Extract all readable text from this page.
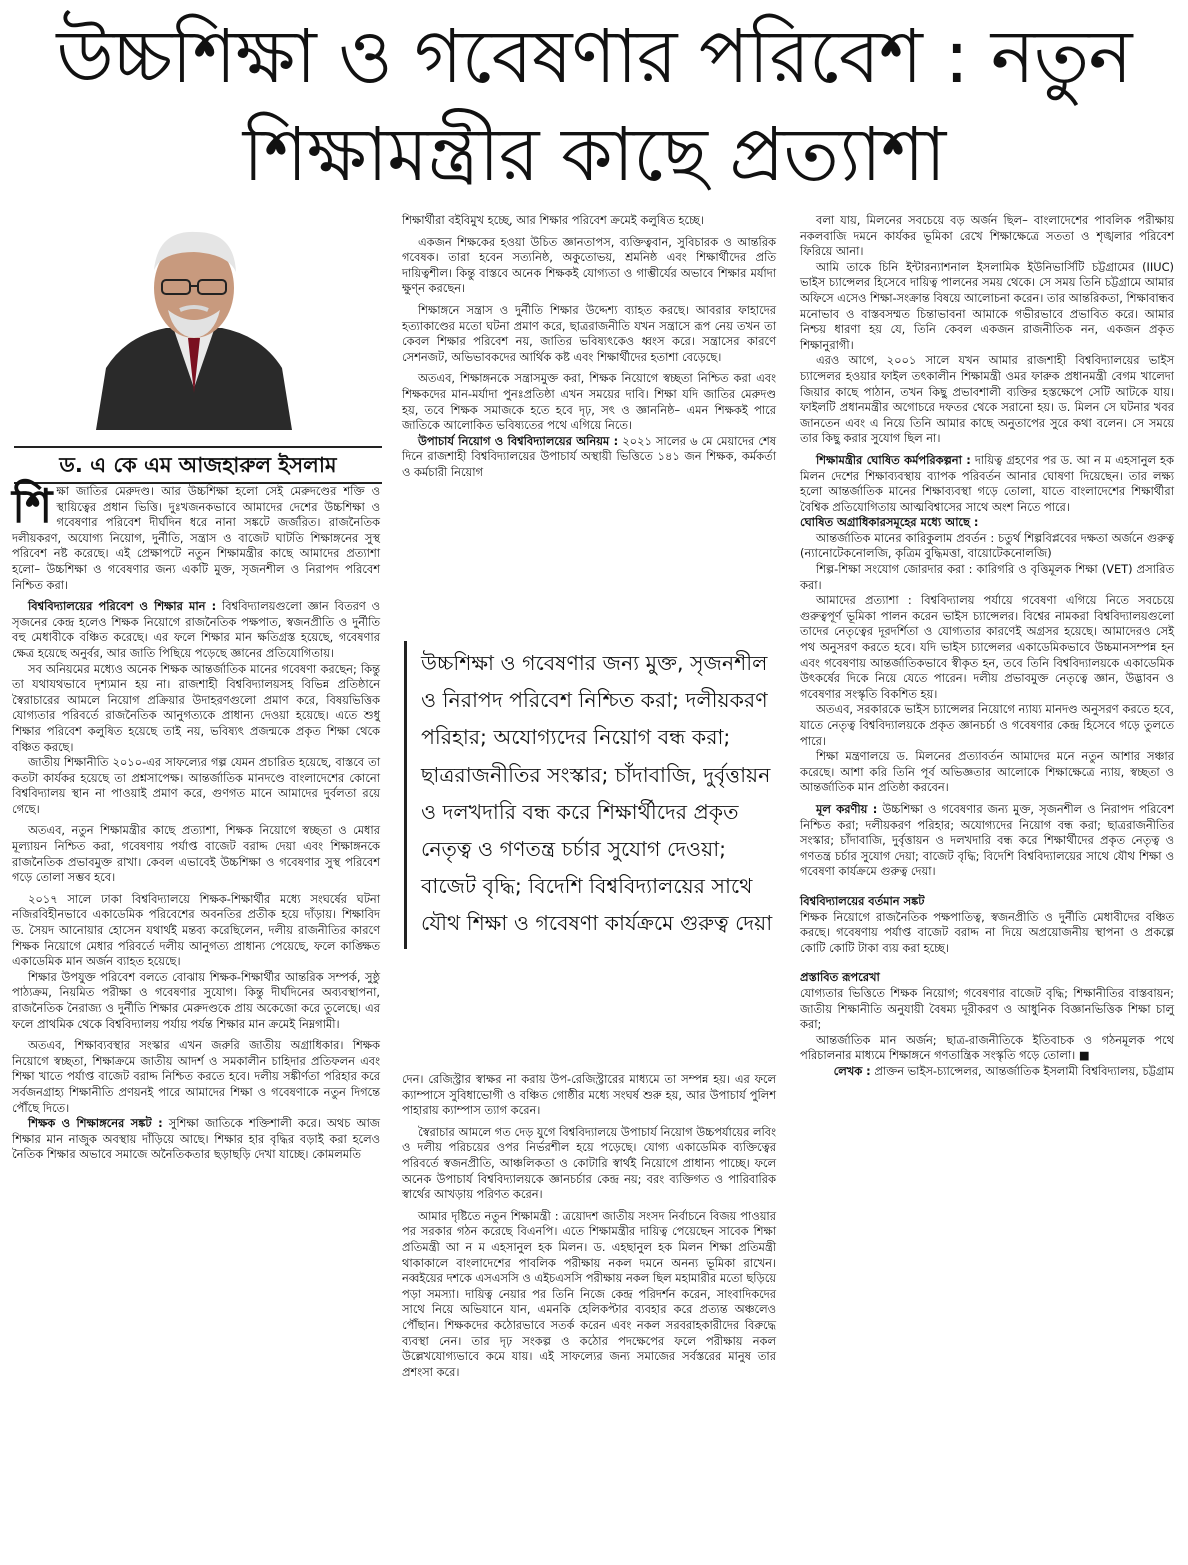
উচ্চশিক্ষা ও গবেষণার পরিবেশ : নতুন শিক্ষামন্ত্রীর কাছে প্রত্যাশা
ড. এ কে এম আজহারুল ইসলাম

শিক্ষা জাতির মেরুদণ্ড। আর উচ্চশিক্ষা হলো সেই মেরুদণ্ডের শক্তি ও স্থায়িত্বের প্রধান ভিত্তি। দুঃখজনকভাবে আমাদের দেশের উচ্চশিক্ষা ও গবেষণার পরিবেশ দীর্ঘদিন ধরে নানা সঙ্কটে জর্জরিত। রাজনৈতিক দলীয়করণ, অযোগ্য নিয়োগ, দুর্নীতি, সন্ত্রাস ও বাজেট ঘাটতি শিক্ষাঙ্গনের সুস্থ পরিবেশ নষ্ট করেছে। এই প্রেক্ষাপটে নতুন শিক্ষামন্ত্রীর কাছে আমাদের প্রত্যাশা হলো– উচ্চশিক্ষা ও গবেষণার জন্য একটি মুক্ত, সৃজনশীল ও নিরাপদ পরিবেশ নিশ্চিত করা।

বিশ্ববিদ্যালয়ের পরিবেশ ও শিক্ষার মান : বিশ্ববিদ্যালয়গুলো জ্ঞান বিতরণ ও সৃজনের কেন্দ্র হলেও শিক্ষক নিয়োগে রাজনৈতিক পক্ষপাত, স্বজনপ্রীতি ও দুর্নীতি বহু মেধাবীকে বঞ্চিত করেছে। এর ফলে শিক্ষার মান ক্ষতিগ্রস্ত হয়েছে, গবেষণার ক্ষেত্র হয়েছে অনুর্বর, আর জাতি পিছিয়ে পড়েছে জ্ঞানের প্রতিযোগিতায়।

সব অনিয়মের মধ্যেও অনেক শিক্ষক আন্তর্জাতিক মানের গবেষণা করছেন; কিন্তু তা যথাযথভাবে দৃশ্যমান হয় না। রাজশাহী বিশ্ববিদ্যালয়সহ বিভিন্ন প্রতিষ্ঠানে স্বৈরাচারের আমলে নিয়োগ প্রক্রিয়ার উদাহরণগুলো প্রমাণ করে, বিষয়ভিত্তিক যোগ্যতার পরিবর্তে রাজনৈতিক আনুগত্যকে প্রাধান্য দেওয়া হয়েছে। এতে শুধু শিক্ষার পরিবেশ কলুষিত হয়েছে তাই নয়, ভবিষ্যৎ প্রজন্মকে প্রকৃত শিক্ষা থেকে বঞ্চিত করছে।

জাতীয় শিক্ষানীতি ২০১০-এর সাফল্যের গল্প যেমন প্রচারিত হয়েছে, বাস্তবে তা কতটা কার্যকর হয়েছে তা প্রশ্নসাপেক্ষ। আন্তর্জাতিক মানদণ্ডে বাংলাদেশের কোনো বিশ্ববিদ্যালয় স্থান না পাওয়াই প্রমাণ করে, গুণগত মানে আমাদের দুর্বলতা রয়ে গেছে।

অতএব, নতুন শিক্ষামন্ত্রীর কাছে প্রত্যাশা, শিক্ষক নিয়োগে স্বচ্ছতা ও মেধার মূল্যায়ন নিশ্চিত করা, গবেষণায় পর্যাপ্ত বাজেট বরাদ্দ দেয়া এবং শিক্ষাঙ্গনকে রাজনৈতিক প্রভাবমুক্ত রাখা। কেবল এভাবেই উচ্চশিক্ষা ও গবেষণার সুস্থ পরিবেশ গড়ে তোলা সম্ভব হবে।

২০১৭ সালে ঢাকা বিশ্ববিদ্যালয়ে শিক্ষক-শিক্ষার্থীর মধ্যে সংঘর্ষের ঘটনা নজিরবিহীনভাবে একাডেমিক পরিবেশের অবনতির প্রতীক হয়ে দাঁড়ায়। শিক্ষাবিদ ড. সৈয়দ আনোয়ার হোসেন যথার্থই মন্তব্য করেছিলেন, দলীয় রাজনীতির কারণে শিক্ষক নিয়োগে মেধার পরিবর্তে দলীয় আনুগত্য প্রাধান্য পেয়েছে, ফলে কাঙ্ক্ষিত একাডেমিক মান অর্জন ব্যাহত হয়েছে।

শিক্ষার উপযুক্ত পরিবেশ বলতে বোঝায় শিক্ষক-শিক্ষার্থীর আন্তরিক সম্পর্ক, সুষ্ঠু পাঠ্যক্রম, নিয়মিত পরীক্ষা ও গবেষণার সুযোগ। কিন্তু দীর্ঘদিনের অব্যবস্থাপনা, রাজনৈতিক নৈরাজ্য ও দুর্নীতি শিক্ষার মেরুদণ্ডকে প্রায় অকেজো করে তুলেছে। এর ফলে প্রাথমিক থেকে বিশ্ববিদ্যালয় পর্যায় পর্যন্ত শিক্ষার মান ক্রমেই নিম্নগামী।

অতএব, শিক্ষাব্যবস্থার সংস্কার এখন জরুরি জাতীয় অগ্রাধিকার। শিক্ষক নিয়োগে স্বচ্ছতা, শিক্ষাক্রমে জাতীয় আদর্শ ও সমকালীন চাহিদার প্রতিফলন এবং শিক্ষা খাতে পর্যাপ্ত বাজেট বরাদ্দ নিশ্চিত করতে হবে। দলীয় সঙ্কীর্ণতা পরিহার করে সর্বজনগ্রাহ্য শিক্ষানীতি প্রণয়নই পারে আমাদের শিক্ষা ও গবেষণাকে নতুন দিগন্তে পৌঁছে দিতে।

শিক্ষক ও শিক্ষাঙ্গনের সঙ্কট : সুশিক্ষা জাতিকে শক্তিশালী করে। অথচ আজ শিক্ষার মান নাজুক অবস্থায় দাঁড়িয়ে আছে। শিক্ষার হার বৃদ্ধির বড়াই করা হলেও নৈতিক শিক্ষার অভাবে সমাজে অনৈতিকতার ছড়াছড়ি দেখা যাচ্ছে। কোমলমতি

শিক্ষার্থীরা বইবিমুখ হচ্ছে, আর শিক্ষার পরিবেশ ক্রমেই কলুষিত হচ্ছে।

একজন শিক্ষকের হওয়া উচিত জ্ঞানতাপস, ব্যক্তিত্ববান, সুবিচারক ও আন্তরিক গবেষক। তারা হবেন সত্যনিষ্ঠ, অকুতোভয়, শ্রমনিষ্ঠ এবং শিক্ষার্থীদের প্রতি দায়িত্বশীল। কিন্তু বাস্তবে অনেক শিক্ষকই যোগ্যতা ও গাম্ভীর্যের অভাবে শিক্ষার মর্যাদা ক্ষুণ্ন করছেন।

শিক্ষাঙ্গনে সন্ত্রাস ও দুর্নীতি শিক্ষার উদ্দেশ্য ব্যাহত করছে। আবরার ফাহাদের হত্যাকাণ্ডের মতো ঘটনা প্রমাণ করে, ছাত্ররাজনীতি যখন সন্ত্রাসে রূপ নেয় তখন তা কেবল শিক্ষার পরিবেশ নয়, জাতির ভবিষ্যৎকেও ধ্বংস করে। সন্ত্রাসের কারণে সেশনজট, অভিভাবকদের আর্থিক কষ্ট এবং শিক্ষার্থীদের হতাশা বেড়েছে।

অতএব, শিক্ষাঙ্গনকে সন্ত্রাসমুক্ত করা, শিক্ষক নিয়োগে স্বচ্ছতা নিশ্চিত করা এবং শিক্ষকদের মান-মর্যাদা পুনঃপ্রতিষ্ঠা এখন সময়ের দাবি। শিক্ষা যদি জাতির মেরুদণ্ড হয়, তবে শিক্ষক সমাজকে হতে হবে দৃঢ়, সৎ ও জ্ঞাননিষ্ঠ– এমন শিক্ষকই পারে জাতিকে আলোকিত ভবিষ্যতের পথে এগিয়ে নিতে।

উপাচার্য নিয়োগ ও বিশ্ববিদ্যালয়ের অনিয়ম : ২০২১ সালের ৬ মে মেয়াদের শেষ দিনে রাজশাহী বিশ্ববিদ্যালয়ের উপাচার্য অস্থায়ী ভিত্তিতে ১৪১ জন শিক্ষক, কর্মকর্তা ও কর্মচারী নিয়োগ

উচ্চশিক্ষা ও গবেষণার জন্য মুক্ত, সৃজনশীল ও নিরাপদ পরিবেশ নিশ্চিত করা; দলীয়করণ পরিহার; অযোগ্যদের নিয়োগ বন্ধ করা; ছাত্ররাজনীতির সংস্কার; চাঁদাবাজি, দুর্বৃত্তায়ন ও দলখদারি বন্ধ করে শিক্ষার্থীদের প্রকৃত নেতৃত্ব ও গণতন্ত্র চর্চার সুযোগ দেওয়া; বাজেট বৃদ্ধি; বিদেশি বিশ্ববিদ্যালয়ের সাথে যৌথ শিক্ষা ও গবেষণা কার্যক্রমে গুরুত্ব দেয়া

দেন। রেজিস্ট্রার স্বাক্ষর না করায় উপ-রেজিস্ট্রারের মাধ্যমে তা সম্পন্ন হয়। এর ফলে ক্যাম্পাসে সুবিধাভোগী ও বঞ্চিত গোষ্ঠীর মধ্যে সংঘর্ষ শুরু হয়, আর উপাচার্য পুলিশ পাহারায় ক্যাম্পাস ত্যাগ করেন।

স্বৈরাচার আমলে গত দেড় যুগে বিশ্ববিদ্যালয়ে উপাচার্য নিয়োগ উচ্চপর্যায়ের লবিং ও দলীয় পরিচয়ের ওপর নির্ভরশীল হয়ে পড়েছে। যোগ্য একাডেমিক ব্যক্তিত্বের পরিবর্তে স্বজনপ্রীতি, আঞ্চলিকতা ও কোটারি স্বার্থই নিয়োগে প্রাধান্য পাচ্ছে। ফলে অনেক উপাচার্য বিশ্ববিদ্যালয়কে জ্ঞানচর্চার কেন্দ্র নয়; বরং ব্যক্তিগত ও পারিবারিক স্বার্থের আখড়ায় পরিণত করেন।

আমার দৃষ্টিতে নতুন শিক্ষামন্ত্রী : ত্রয়োদশ জাতীয় সংসদ নির্বাচনে বিজয় পাওয়ার পর সরকার গঠন করেছে বিএনপি। এতে শিক্ষামন্ত্রীর দায়িত্ব পেয়েছেন সাবেক শিক্ষা প্রতিমন্ত্রী আ ন ম এহসানুল হক মিলন। ড. এহছানুল হক মিলন শিক্ষা প্রতিমন্ত্রী থাকাকালে বাংলাদেশের পাবলিক পরীক্ষায় নকল দমনে অনন্য ভূমিকা রাখেন। নব্বইয়ের দশকে এসএসসি ও এইচএসসি পরীক্ষায় নকল ছিল মহামারীর মতো ছড়িয়ে পড়া সমস্যা। দায়িত্ব নেয়ার পর তিনি নিজে কেন্দ্র পরিদর্শন করেন, সাংবাদিকদের সাথে নিয়ে অভিযানে যান, এমনকি হেলিকপ্টার ব্যবহার করে প্রত্যন্ত অঞ্চলেও পৌঁছান। শিক্ষকদের কঠোরভাবে সতর্ক করেন এবং নকল সরবরাহকারীদের বিরুদ্ধে ব্যবস্থা নেন। তার দৃঢ় সংকল্প ও কঠোর পদক্ষেপের ফলে পরীক্ষায় নকল উল্লেখযোগ্যভাবে কমে যায়। এই সাফল্যের জন্য সমাজের সর্বস্তরের মানুষ তার প্রশংসা করে।

বলা যায়, মিলনের সবচেয়ে বড় অর্জন ছিল– বাংলাদেশের পাবলিক পরীক্ষায় নকলবাজি দমনে কার্যকর ভূমিকা রেখে শিক্ষাক্ষেত্রে সততা ও শৃঙ্খলার পরিবেশ ফিরিয়ে আনা।

আমি তাকে চিনি ইন্টারন্যাশনাল ইসলামিক ইউনিভার্সিটি চট্টগ্রামের (IIUC) ভাইস চ্যান্সেলর হিসেবে দায়িত্ব পালনের সময় থেকে। সে সময় তিনি চট্টগ্রামে আমার অফিসে এসেও শিক্ষা-সংক্রান্ত বিষয়ে আলোচনা করেন। তার আন্তরিকতা, শিক্ষাবান্ধব মনোভাব ও বাস্তবসম্মত চিন্তাভাবনা আমাকে গভীরভাবে প্রভাবিত করে। আমার নিশ্চয় ধারণা হয় যে, তিনি কেবল একজন রাজনীতিক নন, একজন প্রকৃত শিক্ষানুরাগী।

এরও আগে, ২০০১ সালে যখন আমার রাজশাহী বিশ্ববিদ্যালয়ের ভাইস চ্যান্সেলর হওয়ার ফাইল তৎকালীন শিক্ষামন্ত্রী ওমর ফারুক প্রধানমন্ত্রী বেগম খালেদা জিয়ার কাছে পাঠান, তখন কিছু প্রভাবশালী ব্যক্তির হস্তক্ষেপে সেটি আটকে যায়। ফাইলটি প্রধানমন্ত্রীর অগোচরে দফতর থেকে সরানো হয়। ড. মিলন সে ঘটনার খবর জানতেন এবং এ নিয়ে তিনি আমার কাছে অনুতাপের সুরে কথা বলেন। সে সময়ে তার কিছু করার সুযোগ ছিল না।

শিক্ষামন্ত্রীর ঘোষিত কর্মপরিকল্পনা : দায়িত্ব গ্রহণের পর ড. আ ন ম এহসানুল হক মিলন দেশের শিক্ষাব্যবস্থায় ব্যাপক পরিবর্তন আনার ঘোষণা দিয়েছেন। তার লক্ষ্য হলো আন্তর্জাতিক মানের শিক্ষাব্যবস্থা গড়ে তোলা, যাতে বাংলাদেশের শিক্ষার্থীরা বৈশ্বিক প্রতিযোগিতায় আত্মবিশ্বাসের সাথে অংশ নিতে পারে।

ঘোষিত অগ্রাধিকারসমূহের মধ্যে আছে :

আন্তর্জাতিক মানের কারিকুলাম প্রবর্তন : চতুর্থ শিল্পবিপ্লবের দক্ষতা অর্জনে গুরুত্ব (ন্যানোটেকনোলজি, কৃত্রিম বুদ্ধিমত্তা, বায়োটেকনোলজি)

শিল্প-শিক্ষা সংযোগ জোরদার করা : কারিগরি ও বৃত্তিমূলক শিক্ষা (VET) প্রসারিত করা।

আমাদের প্রত্যাশা : বিশ্ববিদ্যালয় পর্যায়ে গবেষণা এগিয়ে নিতে সবচেয়ে গুরুত্বপূর্ণ ভূমিকা পালন করেন ভাইস চ্যান্সেলর। বিশ্বের নামকরা বিশ্ববিদ্যালয়গুলো তাদের নেতৃত্বের দূরদর্শিতা ও যোগ্যতার কারণেই অগ্রসর হয়েছে। আমাদেরও সেই পথ অনুসরণ করতে হবে। যদি ভাইস চ্যান্সেলর একাডেমিকভাবে উচ্চমানসম্পন্ন হন এবং গবেষণায় আন্তর্জাতিকভাবে স্বীকৃত হন, তবে তিনি বিশ্ববিদ্যালয়কে একাডেমিক উৎকর্ষের দিকে নিয়ে যেতে পারেন। দলীয় প্রভাবমুক্ত নেতৃত্বে জ্ঞান, উদ্ভাবন ও গবেষণার সংস্কৃতি বিকশিত হয়।

অতএব, সরকারকে ভাইস চ্যান্সেলর নিয়োগে ন্যায্য মানদণ্ড অনুসরণ করতে হবে, যাতে নেতৃত্ব বিশ্ববিদ্যালয়কে প্রকৃত জ্ঞানচর্চা ও গবেষণার কেন্দ্র হিসেবে গড়ে তুলতে পারে।

শিক্ষা মন্ত্রণালয়ে ড. মিলনের প্রত্যাবর্তন আমাদের মনে নতুন আশার সঞ্চার করেছে। আশা করি তিনি পূর্ব অভিজ্ঞতার আলোকে শিক্ষাক্ষেত্রে ন্যায়, স্বচ্ছতা ও আন্তর্জাতিক মান প্রতিষ্ঠা করবেন।

মূল করণীয় : উচ্চশিক্ষা ও গবেষণার জন্য মুক্ত, সৃজনশীল ও নিরাপদ পরিবেশ নিশ্চিত করা; দলীয়করণ পরিহার; অযোগ্যদের নিয়োগ বন্ধ করা; ছাত্ররাজনীতির সংস্কার; চাঁদাবাজি, দুর্বৃত্তায়ন ও দলখদারি বন্ধ করে শিক্ষার্থীদের প্রকৃত নেতৃত্ব ও গণতন্ত্র চর্চার সুযোগ দেয়া; বাজেট বৃদ্ধি; বিদেশি বিশ্ববিদ্যালয়ের সাথে যৌথ শিক্ষা ও গবেষণা কার্যক্রমে গুরুত্ব দেয়া।

বিশ্ববিদ্যালয়ের বর্তমান সঙ্কট

শিক্ষক নিয়োগে রাজনৈতিক পক্ষপাতিত্ব, স্বজনপ্রীতি ও দুর্নীতি মেধাবীদের বঞ্চিত করছে। গবেষণায় পর্যাপ্ত বাজেট বরাদ্দ না দিয়ে অপ্রয়োজনীয় স্থাপনা ও প্রকল্পে কোটি কোটি টাকা ব্যয় করা হচ্ছে।

প্রস্তাবিত রূপরেখা

যোগ্যতার ভিত্তিতে শিক্ষক নিয়োগ; গবেষণার বাজেট বৃদ্ধি; শিক্ষানীতির বাস্তবায়ন; জাতীয় শিক্ষানীতি অনুযায়ী বৈষম্য দূরীকরণ ও আধুনিক বিজ্ঞানভিত্তিক শিক্ষা চালু করা;

আন্তর্জাতিক মান অর্জন; ছাত্র-রাজনীতিকে ইতিবাচক ও গঠনমূলক পথে পরিচালনার মাধ্যমে শিক্ষাঙ্গনে গণতান্ত্রিক সংস্কৃতি গড়ে তোলা। ■

লেখক : প্রাক্তন ভাইস-চ্যান্সেলর, আন্তর্জাতিক ইসলামী বিশ্ববিদ্যালয়, চট্টগ্রাম
